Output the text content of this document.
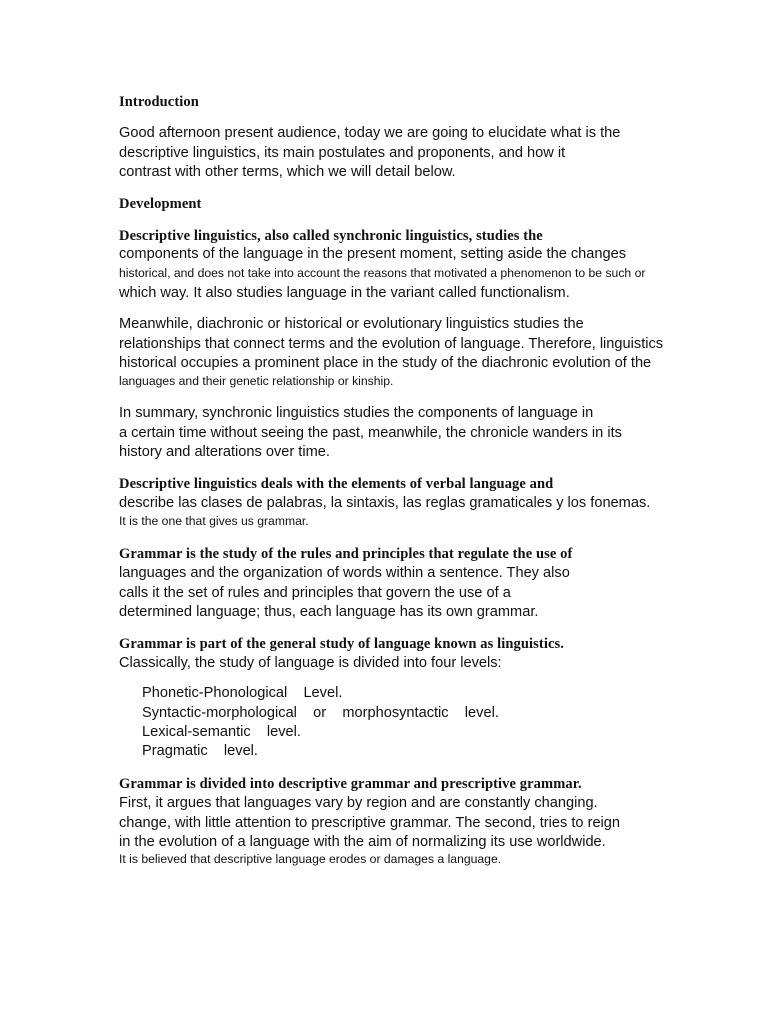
Introduction
Good afternoon present audience, today we are going to elucidate what is the
descriptive linguistics, its main postulates and proponents, and how it
contrast with other terms, which we will detail below.
Development
Descriptive linguistics, also called synchronic linguistics, studies the
components of the language in the present moment, setting aside the changes
historical, and does not take into account the reasons that motivated a phenomenon to be such or
which way. It also studies language in the variant called functionalism.
Meanwhile, diachronic or historical or evolutionary linguistics studies the
relationships that connect terms and the evolution of language. Therefore, linguistics
historical occupies a prominent place in the study of the diachronic evolution of the
languages and their genetic relationship or kinship.
In summary, synchronic linguistics studies the components of language in
a certain time without seeing the past, meanwhile, the chronicle wanders in its
history and alterations over time.
Descriptive linguistics deals with the elements of verbal language and
describe las clases de palabras, la sintaxis, las reglas gramaticales y los fonemas.
It is the one that gives us grammar.
Grammar is the study of the rules and principles that regulate the use of
languages and the organization of words within a sentence. They also
calls it the set of rules and principles that govern the use of a
determined language; thus, each language has its own grammar.
Grammar is part of the general study of language known as linguistics.
Classically, the study of language is divided into four levels:
Phonetic-Phonological    Level.
Syntactic-morphological    or    morphosyntactic    level.
Lexical-semantic    level.
Pragmatic    level.
Grammar is divided into descriptive grammar and prescriptive grammar.
First, it argues that languages vary by region and are constantly changing.
change, with little attention to prescriptive grammar. The second, tries to reign
in the evolution of a language with the aim of normalizing its use worldwide.
It is believed that descriptive language erodes or damages a language.
